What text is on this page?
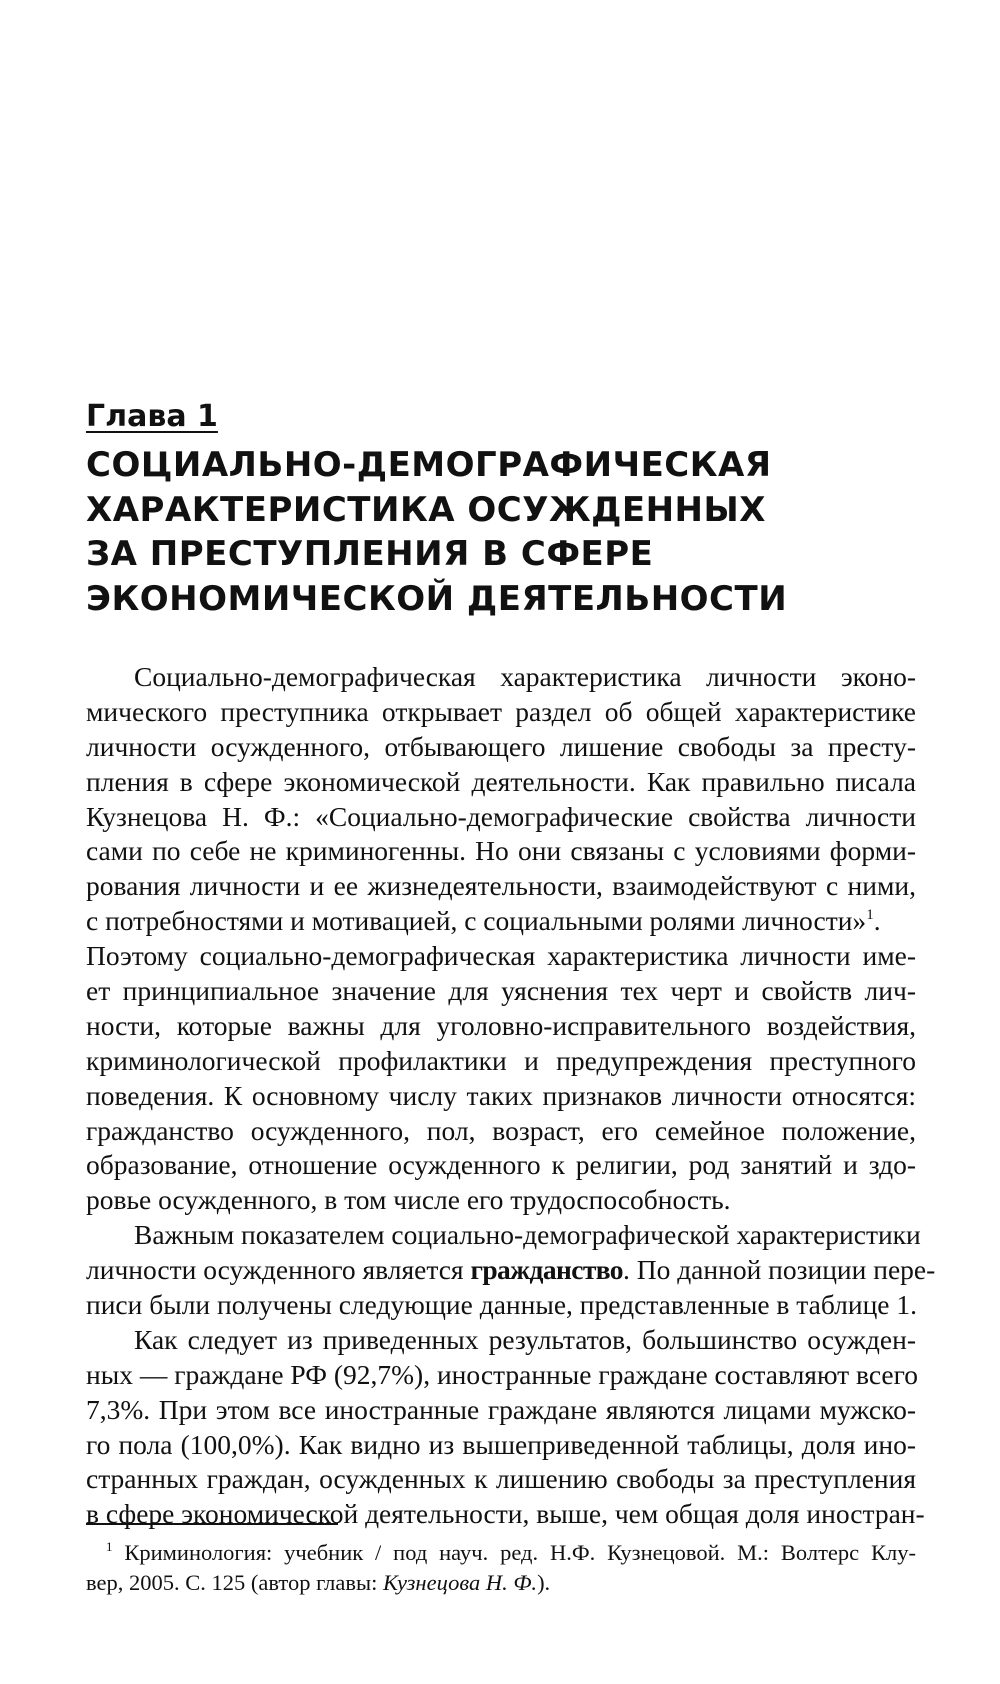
Глава 1
СОЦИАЛЬНО-ДЕМОГРАФИЧЕСКАЯ
ХАРАКТЕРИСТИКА ОСУЖДЕННЫХ
ЗА ПРЕСТУПЛЕНИЯ В СФЕРЕ
ЭКОНОМИЧЕСКОЙ ДЕЯТЕЛЬНОСТИ
Социально-демографическая характеристика личности эконо-
мического преступника открывает раздел об общей характеристике
личности осужденного, отбывающего лишение свободы за престу-
пления в сфере экономической деятельности. Как правильно писала
Кузнецова Н. Ф.: «Социально-демографические свойства личности
сами по себе не криминогенны. Но они связаны с условиями форми-
рования личности и ее жизнедеятельности, взаимодействуют с ними,
с потребностями и мотивацией, с социальными ролями личности»$^1$.
Поэтому социально-демографическая характеристика личности име-
ет принципиальное значение для уяснения тех черт и свойств лич-
ности, которые важны для уголовно-исправительного воздействия,
криминологической профилактики и предупреждения преступного
поведения. К основному числу таких признаков личности относятся:
гражданство осужденного, пол, возраст, его семейное положение,
образование, отношение осужденного к религии, род занятий и здо-
ровье осужденного, в том числе его трудоспособность.
Важным показателем социально-демографической характеристики
личности осужденного является гражданство. По данной позиции пере-
писи были получены следующие данные, представленные в таблице 1.
Как следует из приведенных результатов, большинство осужден-
ных — граждане РФ (92,7%), иностранные граждане составляют всего
7,3%. При этом все иностранные граждане являются лицами мужско-
го пола (100,0%). Как видно из вышеприведенной таблицы, доля ино-
странных граждан, осужденных к лишению свободы за преступления
в сфере экономической деятельности, выше, чем общая доля иностран-
$^1$ Криминология: учебник / под науч. ред. Н.Ф. Кузнецовой. М.: Волтерс Клу-
вер, 2005. С. 125 (автор главы: Кузнецова Н. Ф.).
